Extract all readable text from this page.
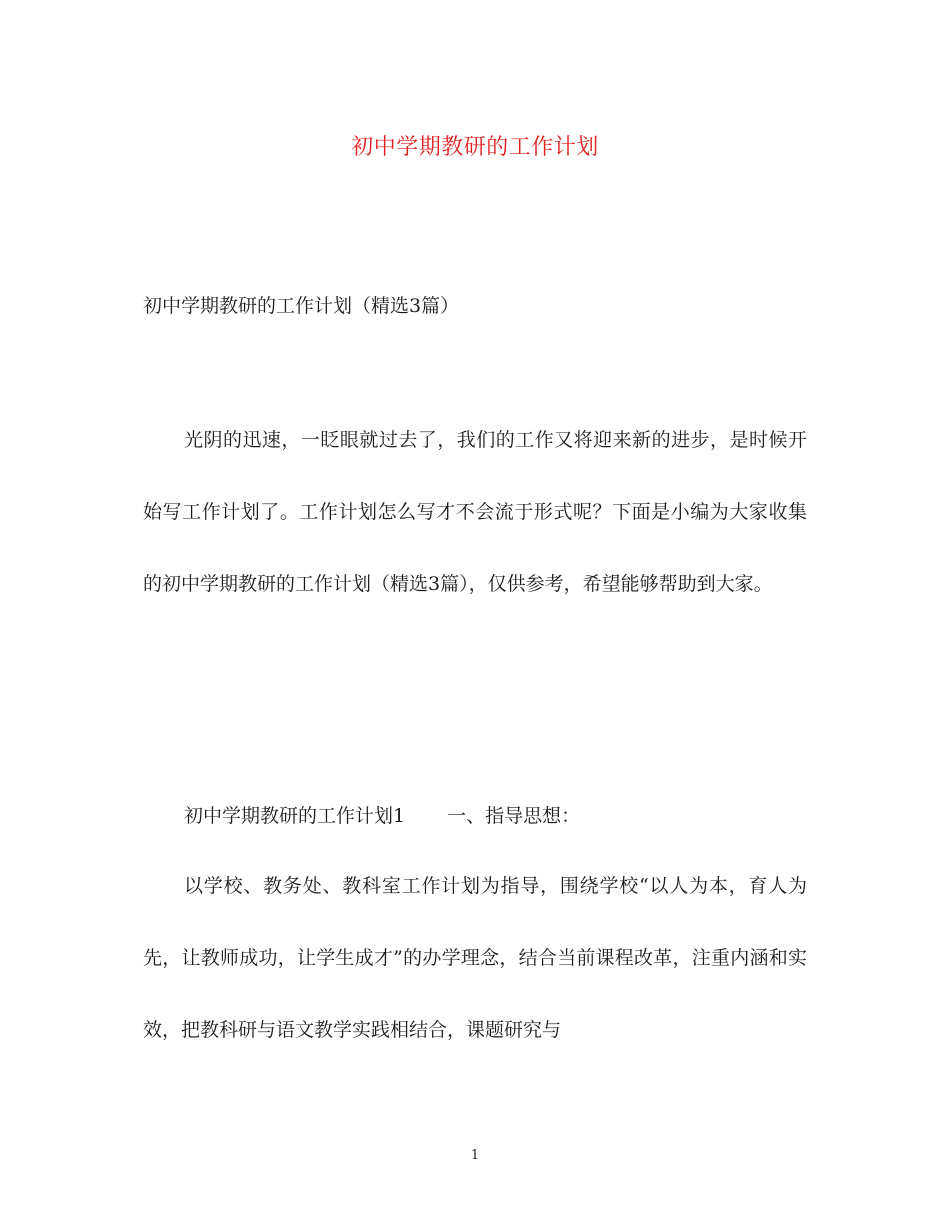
初中学期教研的工作计划

初中学期教研的工作计划（精选3篇）

光阴的迅速，一眨眼就过去了，我们的工作又将迎来新的进步，是时候开始写工作计划了。工作计划怎么写才不会流于形式呢？下面是小编为大家收集的初中学期教研的工作计划（精选3篇），仅供参考，希望能够帮助到大家。

初中学期教研的工作计划1 一、指导思想：

以学校、教务处、教科室工作计划为指导，围绕学校“以人为本，育人为先，让教师成功，让学生成才”的办学理念，结合当前课程改革，注重内涵和实效，把教科研与语文教学实践相结合，课题研究与

1
